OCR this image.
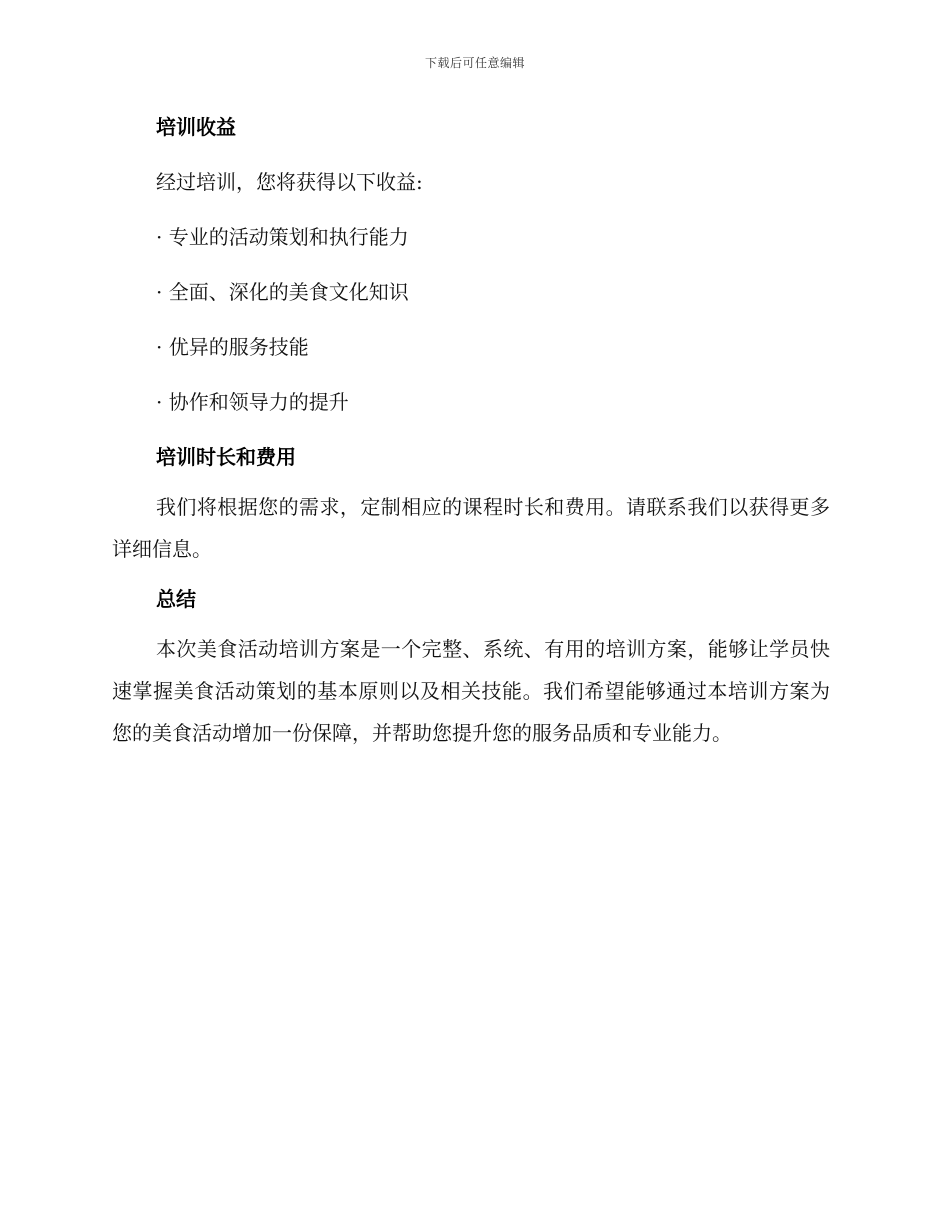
下载后可任意编辑
培训收益

经过培训，您将获得以下收益:

· 专业的活动策划和执行能力

· 全面、深化的美食文化知识

· 优异的服务技能

· 协作和领导力的提升

培训时长和费用

我们将根据您的需求，定制相应的课程时长和费用。请联系我们以获得更多详细信息。

总结

本次美食活动培训方案是一个完整、系统、有用的培训方案，能够让学员快速掌握美食活动策划的基本原则以及相关技能。我们希望能够通过本培训方案为您的美食活动增加一份保障，并帮助您提升您的服务品质和专业能力。
